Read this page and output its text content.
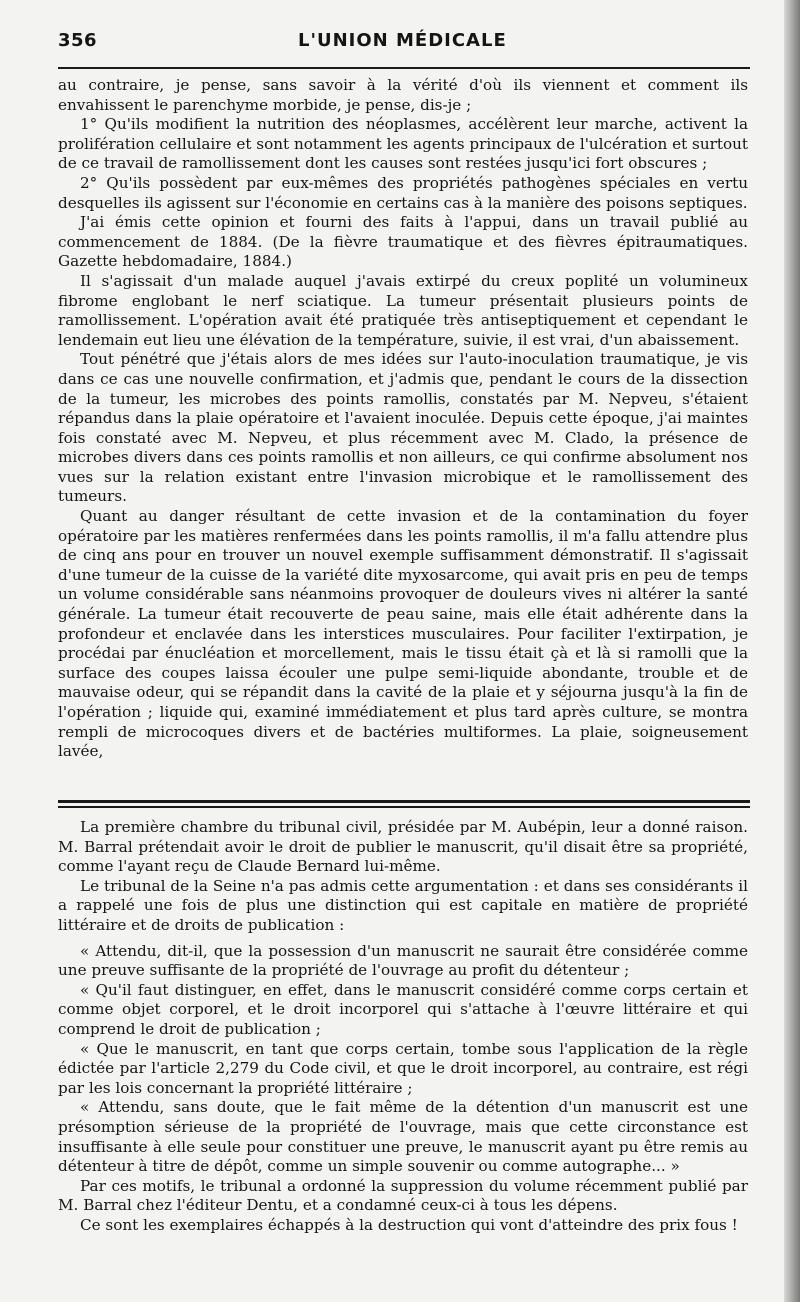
356	L'UNION MÉDICALE

au contraire, je pense, sans savoir à la vérité d'où ils viennent et comment ils envahissent le parenchyme morbide, je pense, dis-je ;

1° Qu'ils modifient la nutrition des néoplasmes, accélèrent leur marche, activent la prolifération cellulaire et sont notamment les agents principaux de l'ulcération et surtout de ce travail de ramollissement dont les causes sont restées jusqu'ici fort obscures ;

2° Qu'ils possèdent par eux-mêmes des propriétés pathogènes spéciales en vertu desquelles ils agissent sur l'économie en certains cas à la manière des poisons septiques.

J'ai émis cette opinion et fourni des faits à l'appui, dans un travail publié au commencement de 1884. (De la fièvre traumatique et des fièvres épitraumatiques. Gazette hebdomadaire, 1884.)

Il s'agissait d'un malade auquel j'avais extirpé du creux poplité un volumineux fibrome englobant le nerf sciatique. La tumeur présentait plusieurs points de ramollissement. L'opération avait été pratiquée très antiseptiquement et cependant le lendemain eut lieu une élévation de la température, suivie, il est vrai, d'un abaissement.

Tout pénétré que j'étais alors de mes idées sur l'auto-inoculation traumatique, je vis dans ce cas une nouvelle confirmation, et j'admis que, pendant le cours de la dissection de la tumeur, les microbes des points ramollis, constatés par M. Nepveu, s'étaient répandus dans la plaie opératoire et l'avaient inoculée. Depuis cette époque, j'ai maintes fois constaté avec M. Nepveu, et plus récemment avec M. Clado, la présence de microbes divers dans ces points ramollis et non ailleurs, ce qui confirme absolument nos vues sur la relation existant entre l'invasion microbique et le ramollissement des tumeurs.

Quant au danger résultant de cette invasion et de la contamination du foyer opératoire par les matières renfermées dans les points ramollis, il m'a fallu attendre plus de cinq ans pour en trouver un nouvel exemple suffisamment démonstratif. Il s'agissait d'une tumeur de la cuisse de la variété dite myxosarcome, qui avait pris en peu de temps un volume considérable sans néanmoins provoquer de douleurs vives ni altérer la santé générale. La tumeur était recouverte de peau saine, mais elle était adhérente dans la profondeur et enclavée dans les interstices musculaires. Pour faciliter l'extirpation, je procédai par énucléation et morcellement, mais le tissu était çà et là si ramolli que la surface des coupes laissa écouler une pulpe semi-liquide abondante, trouble et de mauvaise odeur, qui se répandit dans la cavité de la plaie et y séjourna jusqu'à la fin de l'opération ; liquide qui, examiné immédiatement et plus tard après culture, se montra rempli de microcoques divers et de bactéries multiformes. La plaie, soigneusement lavée,

La première chambre du tribunal civil, présidée par M. Aubépin, leur a donné raison. M. Barral prétendait avoir le droit de publier le manuscrit, qu'il disait être sa propriété, comme l'ayant reçu de Claude Bernard lui-même.

Le tribunal de la Seine n'a pas admis cette argumentation : et dans ses considérants il a rappelé une fois de plus une distinction qui est capitale en matière de propriété littéraire et de droits de publication :

« Attendu, dit-il, que la possession d'un manuscrit ne saurait être considérée comme une preuve suffisante de la propriété de l'ouvrage au profit du détenteur ;

« Qu'il faut distinguer, en effet, dans le manuscrit considéré comme corps certain et comme objet corporel, et le droit incorporel qui s'attache à l'œuvre littéraire et qui comprend le droit de publication ;

« Que le manuscrit, en tant que corps certain, tombe sous l'application de la règle édictée par l'article 2,279 du Code civil, et que le droit incorporel, au contraire, est régi par les lois concernant la propriété littéraire ;

« Attendu, sans doute, que le fait même de la détention d'un manuscrit est une présomption sérieuse de la propriété de l'ouvrage, mais que cette circonstance est insuffisante à elle seule pour constituer une preuve, le manuscrit ayant pu être remis au détenteur à titre de dépôt, comme un simple souvenir ou comme autographe... »

Par ces motifs, le tribunal a ordonné la suppression du volume récemment publié par M. Barral chez l'éditeur Dentu, et a condamné ceux-ci à tous les dépens.

Ce sont les exemplaires échappés à la destruction qui vont d'atteindre des prix fous !
